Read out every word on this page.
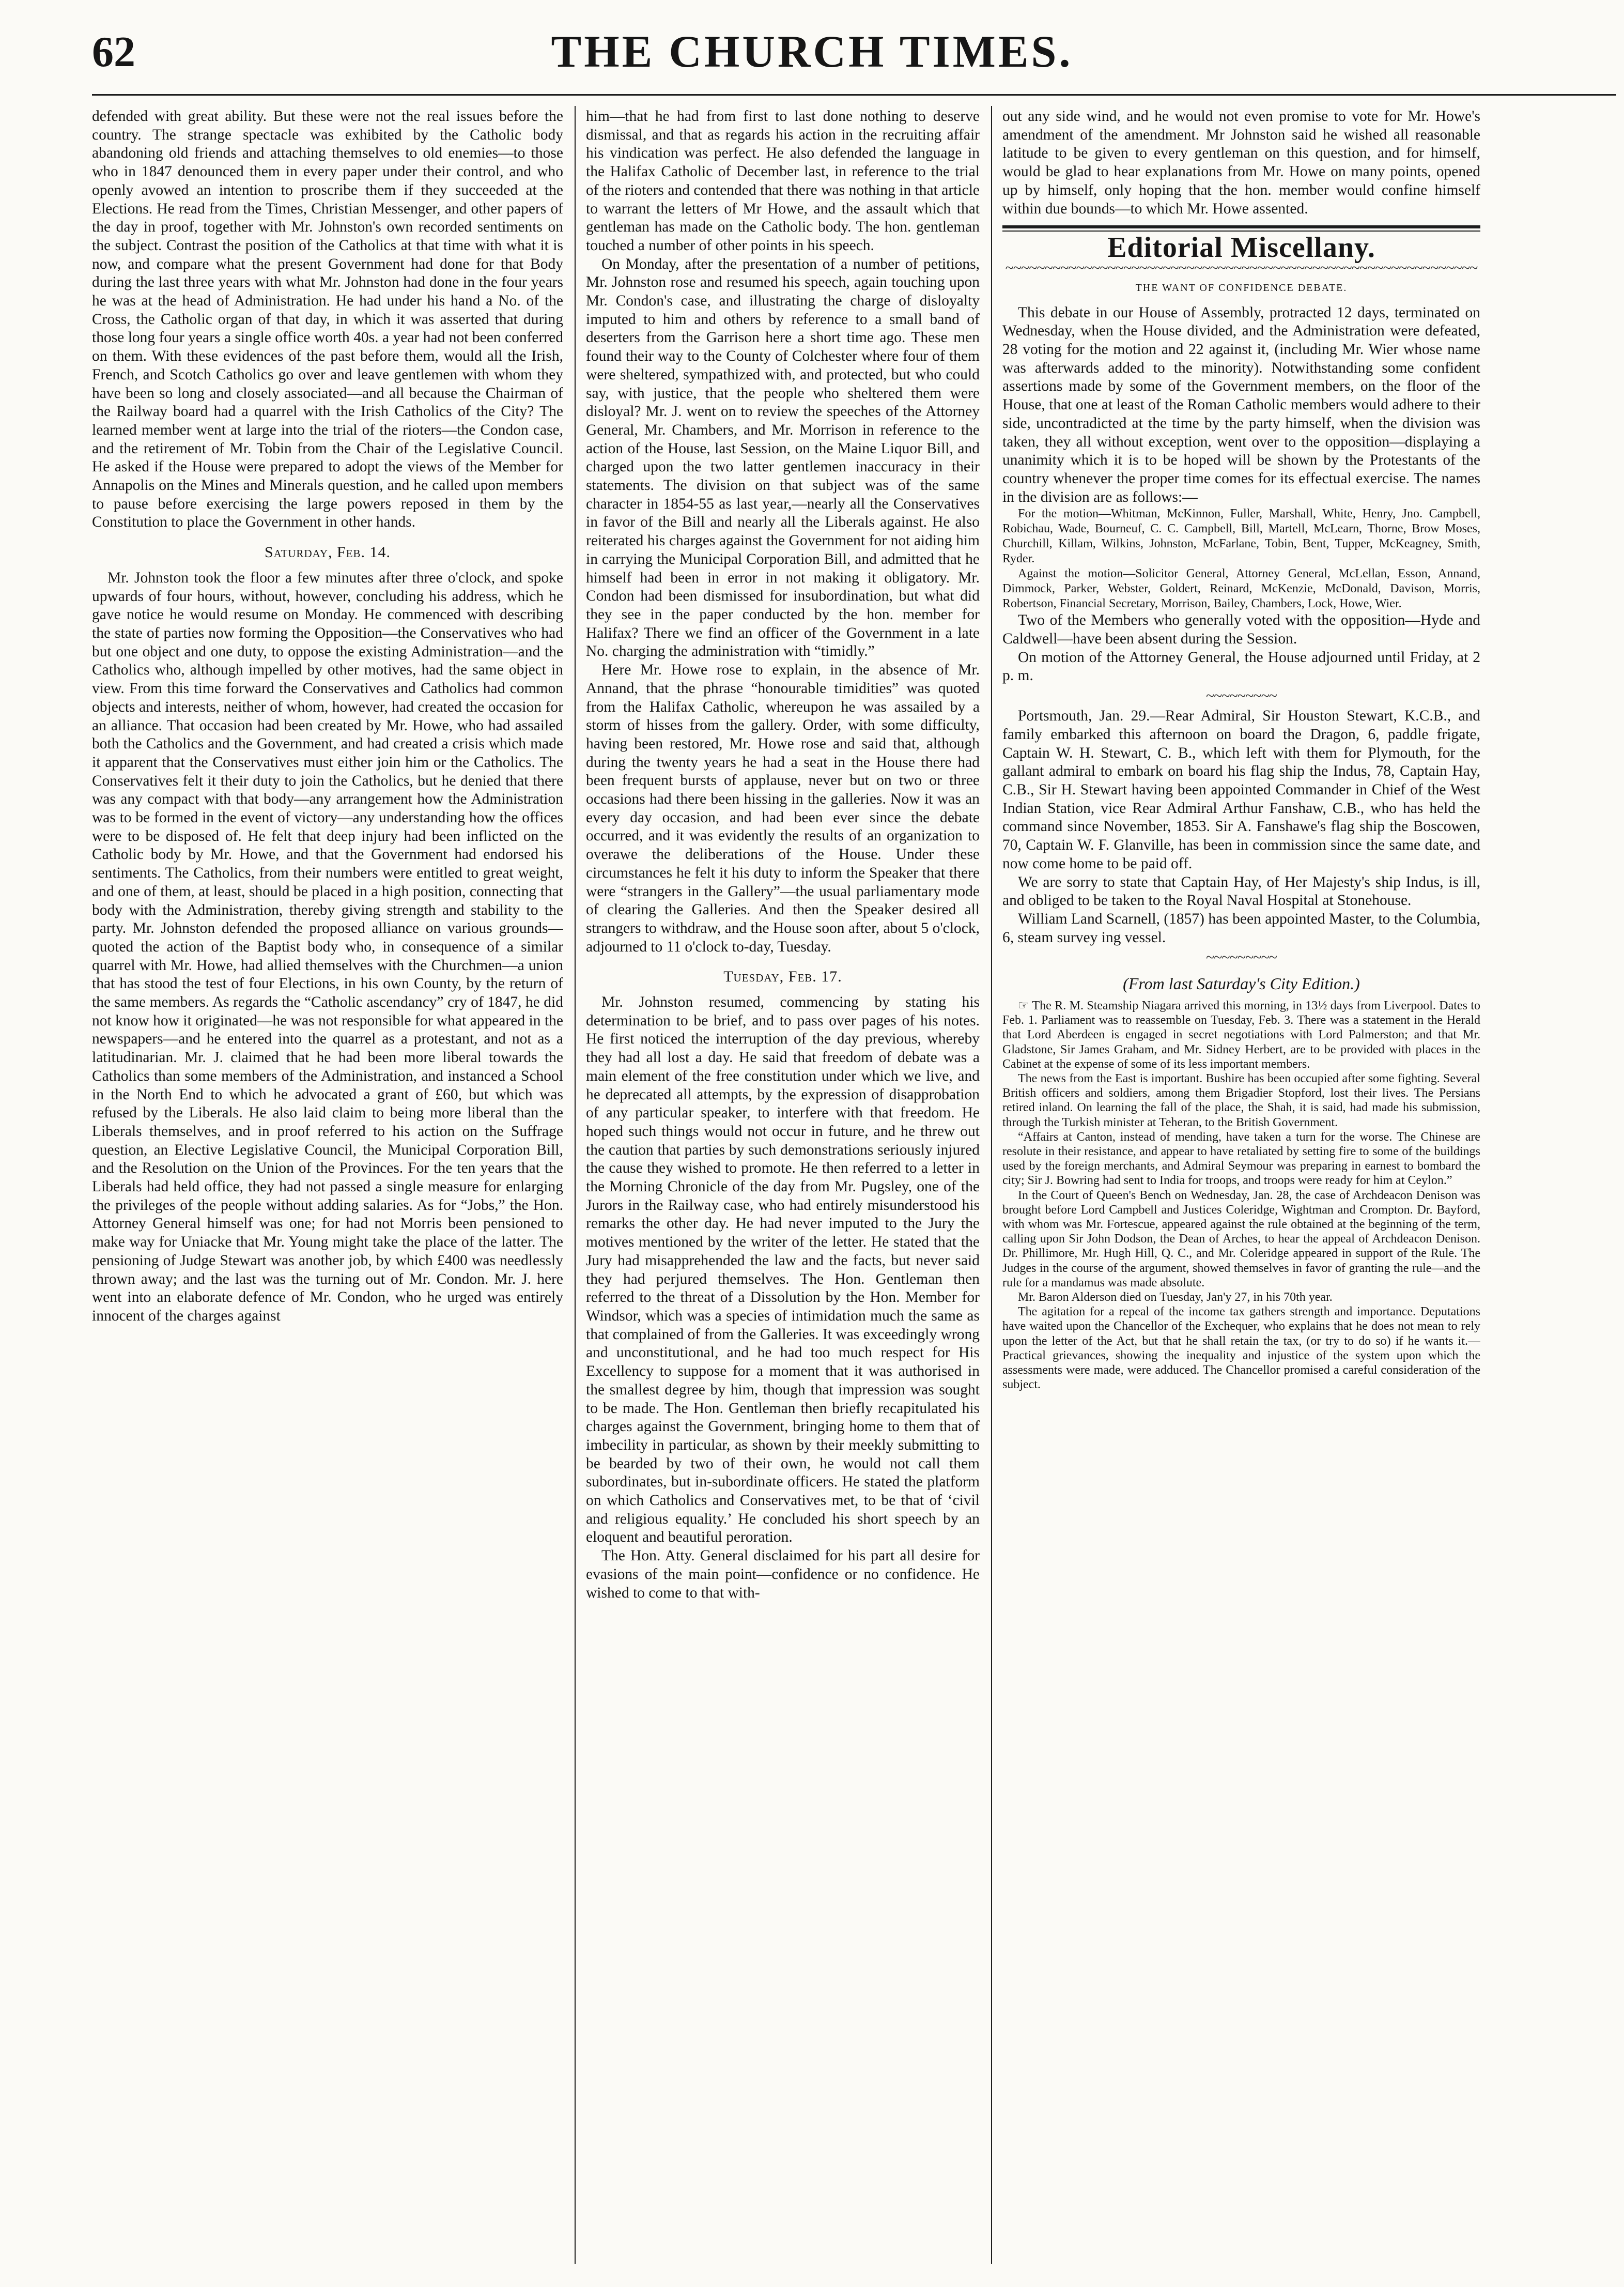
62	THE CHURCH TIMES.

defended with great ability. But these were not the real issues before the country. The strange spectacle was exhibited by the Catholic body abandoning old friends and attaching themselves to old enemies—to those who in 1847 denounced them in every paper under their control, and who openly avowed an intention to proscribe them if they succeeded at the Elections. He read from the Times, Christian Messenger, and other papers of the day in proof, together with Mr. Johnston's own recorded sentiments on the subject. Contrast the position of the Catholics at that time with what it is now, and compare what the present Government had done for that Body during the last three years with what Mr. Johnston had done in the four years he was at the head of Administration. He had under his hand a No. of the Cross, the Catholic organ of that day, in which it was asserted that during those long four years a single office worth 40s. a year had not been conferred on them. With these evidences of the past before them, would all the Irish, French, and Scotch Catholics go over and leave gentlemen with whom they have been so long and closely associated—and all because the Chairman of the Railway board had a quarrel with the Irish Catholics of the City? The learned member went at large into the trial of the rioters—the Condon case, and the retirement of Mr. Tobin from the Chair of the Legislative Council. He asked if the House were prepared to adopt the views of the Member for Annapolis on the Mines and Minerals question, and he called upon members to pause before exercising the large powers reposed in them by the Constitution to place the Government in other hands.

Saturday, Feb. 14.

Mr. Johnston took the floor a few minutes after three o'clock, and spoke upwards of four hours, without, however, concluding his address, which he gave notice he would resume on Monday. He commenced with describing the state of parties now forming the Opposition—the Conservatives who had but one object and one duty, to oppose the existing Administration—and the Catholics who, although impelled by other motives, had the same object in view. From this time forward the Conservatives and Catholics had common objects and interests, neither of whom, however, had created the occasion for an alliance. That occasion had been created by Mr. Howe, who had assailed both the Catholics and the Government, and had created a crisis which made it apparent that the Conservatives must either join him or the Catholics. The Conservatives felt it their duty to join the Catholics, but he denied that there was any compact with that body—any arrangement how the Administration was to be formed in the event of victory—any understanding how the offices were to be disposed of. He felt that deep injury had been inflicted on the Catholic body by Mr. Howe, and that the Government had endorsed his sentiments. The Catholics, from their numbers were entitled to great weight, and one of them, at least, should be placed in a high position, connecting that body with the Administration, thereby giving strength and stability to the party. Mr. Johnston defended the proposed alliance on various grounds—quoted the action of the Baptist body who, in consequence of a similar quarrel with Mr. Howe, had allied themselves with the Churchmen—a union that has stood the test of four Elections, in his own County, by the return of the same members. As regards the “Catholic ascendancy” cry of 1847, he did not know how it originated—he was not responsible for what appeared in the newspapers—and he entered into the quarrel as a protestant, and not as a latitudinarian. Mr. J. claimed that he had been more liberal towards the Catholics than some members of the Administration, and instanced a School in the North End to which he advocated a grant of £60, but which was refused by the Liberals. He also laid claim to being more liberal than the Liberals themselves, and in proof referred to his action on the Suffrage question, an Elective Legislative Council, the Municipal Corporation Bill, and the Resolution on the Union of the Provinces. For the ten years that the Liberals had held office, they had not passed a single measure for enlarging the privileges of the people without adding salaries. As for “Jobs,” the Hon. Attorney General himself was one; for had not Morris been pensioned to make way for Uniacke that Mr. Young might take the place of the latter. The pensioning of Judge Stewart was another job, by which £400 was needlessly thrown away; and the last was the turning out of Mr. Condon. Mr. J. here went into an elaborate defence of Mr. Condon, who he urged was entirely innocent of the charges against

him—that he had from first to last done nothing to deserve dismissal, and that as regards his action in the recruiting affair his vindication was perfect. He also defended the language in the Halifax Catholic of December last, in reference to the trial of the rioters and contended that there was nothing in that article to warrant the letters of Mr Howe, and the assault which that gentleman has made on the Catholic body. The hon. gentleman touched a number of other points in his speech.

On Monday, after the presentation of a number of petitions, Mr. Johnston rose and resumed his speech, again touching upon Mr. Condon's case, and illustrating the charge of disloyalty imputed to him and others by reference to a small band of deserters from the Garrison here a short time ago. These men found their way to the County of Colchester where four of them were sheltered, sympathized with, and protected, but who could say, with justice, that the people who sheltered them were disloyal? Mr. J. went on to review the speeches of the Attorney General, Mr. Chambers, and Mr. Morrison in reference to the action of the House, last Session, on the Maine Liquor Bill, and charged upon the two latter gentlemen inaccuracy in their statements. The division on that subject was of the same character in 1854-55 as last year,—nearly all the Conservatives in favor of the Bill and nearly all the Liberals against. He also reiterated his charges against the Government for not aiding him in carrying the Municipal Corporation Bill, and admitted that he himself had been in error in not making it obligatory. Mr. Condon had been dismissed for insubordination, but what did they see in the paper conducted by the hon. member for Halifax? There we find an officer of the Government in a late No. charging the administration with “timidly.”

Here Mr. Howe rose to explain, in the absence of Mr. Annand, that the phrase “honourable timidities” was quoted from the Halifax Catholic, whereupon he was assailed by a storm of hisses from the gallery. Order, with some difficulty, having been restored, Mr. Howe rose and said that, although during the twenty years he had a seat in the House there had been frequent bursts of applause, never but on two or three occasions had there been hissing in the galleries. Now it was an every day occasion, and had been ever since the debate occurred, and it was evidently the results of an organization to overawe the deliberations of the House. Under these circumstances he felt it his duty to inform the Speaker that there were “strangers in the Gallery”—the usual parliamentary mode of clearing the Galleries. And then the Speaker desired all strangers to withdraw, and the House soon after, about 5 o'clock, adjourned to 11 o'clock to-day, Tuesday.

Tuesday, Feb. 17.

Mr. Johnston resumed, commencing by stating his determination to be brief, and to pass over pages of his notes. He first noticed the interruption of the day previous, whereby they had all lost a day. He said that freedom of debate was a main element of the free constitution under which we live, and he deprecated all attempts, by the expression of disapprobation of any particular speaker, to interfere with that freedom. He hoped such things would not occur in future, and he threw out the caution that parties by such demonstrations seriously injured the cause they wished to promote. He then referred to a letter in the Morning Chronicle of the day from Mr. Pugsley, one of the Jurors in the Railway case, who had entirely misunderstood his remarks the other day. He had never imputed to the Jury the motives mentioned by the writer of the letter. He stated that the Jury had misapprehended the law and the facts, but never said they had perjured themselves. The Hon. Gentleman then referred to the threat of a Dissolution by the Hon. Member for Windsor, which was a species of intimidation much the same as that complained of from the Galleries. It was exceedingly wrong and unconstitutional, and he had too much respect for His Excellency to suppose for a moment that it was authorised in the smallest degree by him, though that impression was sought to be made. The Hon. Gentleman then briefly recapitulated his charges against the Government, bringing home to them that of imbecility in particular, as shown by their meekly submitting to be bearded by two of their own, he would not call them subordinates, but in-subordinate officers. He stated the platform on which Catholics and Conservatives met, to be that of ‘civil and religious equality.’ He concluded his short speech by an eloquent and beautiful peroration.

The Hon. Atty. General disclaimed for his part all desire for evasions of the main point—confidence or no confidence. He wished to come to that with-

out any side wind, and he would not even promise to vote for Mr. Howe's amendment of the amendment. Mr Johnston said he wished all reasonable latitude to be given to every gentleman on this question, and for himself, would be glad to hear explanations from Mr. Howe on many points, opened up by himself, only hoping that the hon. member would confine himself within due bounds—to which Mr. Howe assented.

Editorial Miscellany.
~~~~~~~~~~~~~~~~~~~~~~~~~~~~~~~~~~~~~~~~~~~~~~~~~~~~~~~~~~~~
THE WANT OF CONFIDENCE DEBATE.

This debate in our House of Assembly, protracted 12 days, terminated on Wednesday, when the House divided, and the Administration were defeated, 28 voting for the motion and 22 against it, (including Mr. Wier whose name was afterwards added to the minority). Notwithstanding some confident assertions made by some of the Government members, on the floor of the House, that one at least of the Roman Catholic members would adhere to their side, uncontradicted at the time by the party himself, when the division was taken, they all without exception, went over to the opposition—displaying a unanimity which it is to be hoped will be shown by the Protestants of the country whenever the proper time comes for its effectual exercise. The names in the division are as follows:—

For the motion—Whitman, McKinnon, Fuller, Marshall, White, Henry, Jno. Campbell, Robichau, Wade, Bourneuf, C. C. Campbell, Bill, Martell, McLearn, Thorne, Brow Moses, Churchill, Killam, Wilkins, Johnston, McFarlane, Tobin, Bent, Tupper, McKeagney, Smith, Ryder.

Against the motion—Solicitor General, Attorney General, McLellan, Esson, Annand, Dimmock, Parker, Webster, Goldert, Reinard, McKenzie, McDonald, Davison, Morris, Robertson, Financial Secretary, Morrison, Bailey, Chambers, Lock, Howe, Wier.

Two of the Members who generally voted with the opposition—Hyde and Caldwell—have been absent during the Session.

On motion of the Attorney General, the House adjourned until Friday, at 2 p. m.

~~~~~~~~~

Portsmouth, Jan. 29.—Rear Admiral, Sir Houston Stewart, K.C.B., and family embarked this afternoon on board the Dragon, 6, paddle frigate, Captain W. H. Stewart, C. B., which left with them for Plymouth, for the gallant admiral to embark on board his flag ship the Indus, 78, Captain Hay, C.B., Sir H. Stewart having been appointed Commander in Chief of the West Indian Station, vice Rear Admiral Arthur Fanshaw, C.B., who has held the command since November, 1853. Sir A. Fanshawe's flag ship the Boscowen, 70, Captain W. F. Glanville, has been in commission since the same date, and now come home to be paid off.

We are sorry to state that Captain Hay, of Her Majesty's ship Indus, is ill, and obliged to be taken to the Royal Naval Hospital at Stonehouse.

William Land Scarnell, (1857) has been appointed Master, to the Columbia, 6, steam survey ing vessel.

~~~~~~~~~
(From last Saturday's City Edition.)

☞ The R. M. Steamship Niagara arrived this morning, in 13½ days from Liverpool. Dates to Feb. 1. Parliament was to reassemble on Tuesday, Feb. 3. There was a statement in the Herald that Lord Aberdeen is engaged in secret negotiations with Lord Palmerston; and that Mr. Gladstone, Sir James Graham, and Mr. Sidney Herbert, are to be provided with places in the Cabinet at the expense of some of its less important members.

The news from the East is important. Bushire has been occupied after some fighting. Several British officers and soldiers, among them Brigadier Stopford, lost their lives. The Persians retired inland. On learning the fall of the place, the Shah, it is said, had made his submission, through the Turkish minister at Teheran, to the British Government.

“Affairs at Canton, instead of mending, have taken a turn for the worse. The Chinese are resolute in their resistance, and appear to have retaliated by setting fire to some of the buildings used by the foreign merchants, and Admiral Seymour was preparing in earnest to bombard the city; Sir J. Bowring had sent to India for troops, and troops were ready for him at Ceylon.”

In the Court of Queen's Bench on Wednesday, Jan. 28, the case of Archdeacon Denison was brought before Lord Campbell and Justices Coleridge, Wightman and Crompton. Dr. Bayford, with whom was Mr. Fortescue, appeared against the rule obtained at the beginning of the term, calling upon Sir John Dodson, the Dean of Arches, to hear the appeal of Archdeacon Denison. Dr. Phillimore, Mr. Hugh Hill, Q. C., and Mr. Coleridge appeared in support of the Rule. The Judges in the course of the argument, showed themselves in favor of granting the rule—and the rule for a mandamus was made absolute.

Mr. Baron Alderson died on Tuesday, Jan'y 27, in his 70th year.

The agitation for a repeal of the income tax gathers strength and importance. Deputations have waited upon the Chancellor of the Exchequer, who explains that he does not mean to rely upon the letter of the Act, but that he shall retain the tax, (or try to do so) if he wants it.—Practical grievances, showing the inequality and injustice of the system upon which the assessments were made, were adduced. The Chancellor promised a careful consideration of the subject.
